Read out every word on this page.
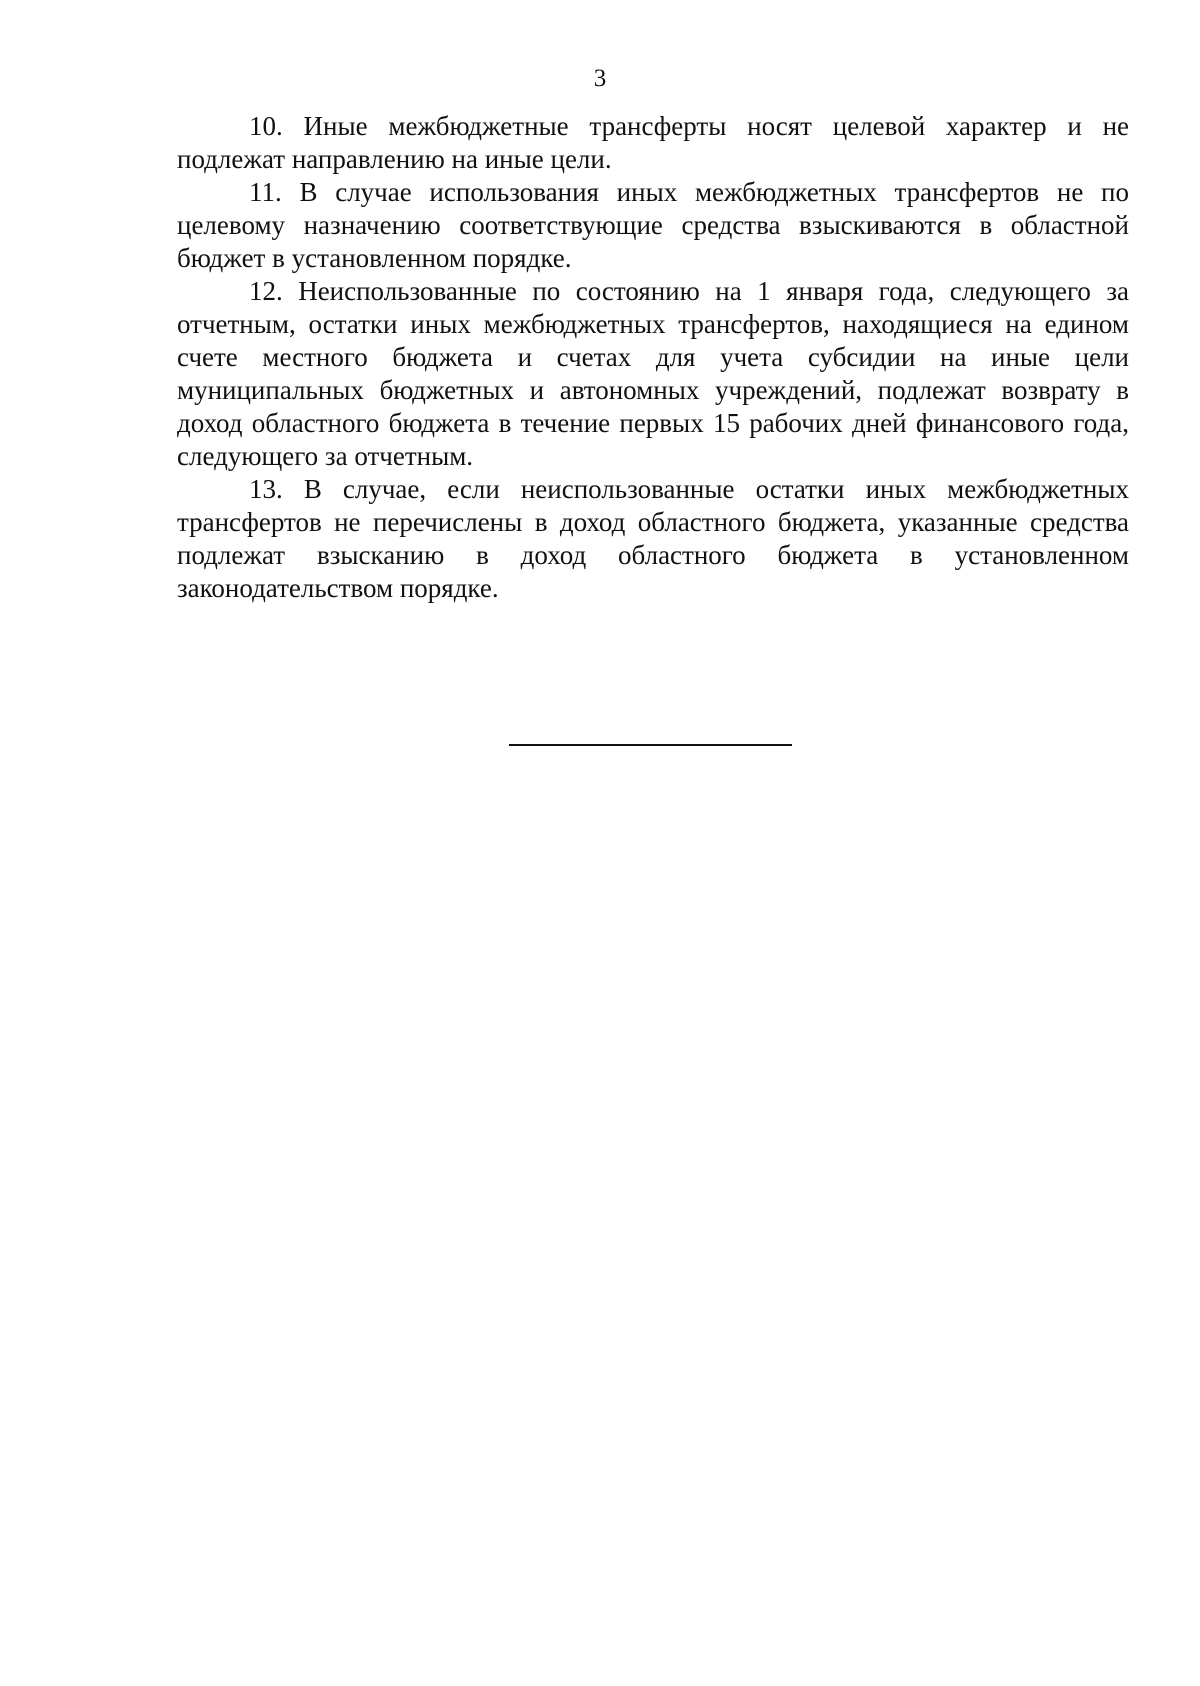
3

10. Иные межбюджетные трансферты носят целевой характер и не подлежат направлению на иные цели.

11. В случае использования иных межбюджетных трансфертов не по целевому назначению соответствующие средства взыскиваются в областной бюджет в установленном порядке.

12. Неиспользованные по состоянию на 1 января года, следующего за отчетным, остатки иных межбюджетных трансфертов, находящиеся на едином счете местного бюджета и счетах для учета субсидии на иные цели муниципальных бюджетных и автономных учреждений, подлежат возврату в доход областного бюджета в течение первых 15 рабочих дней финансового года, следующего за отчетным.

13. В случае, если неиспользованные остатки иных межбюджетных трансфертов не перечислены в доход областного бюджета, указанные средства подлежат взысканию в доход областного бюджета в установленном законодательством порядке.
